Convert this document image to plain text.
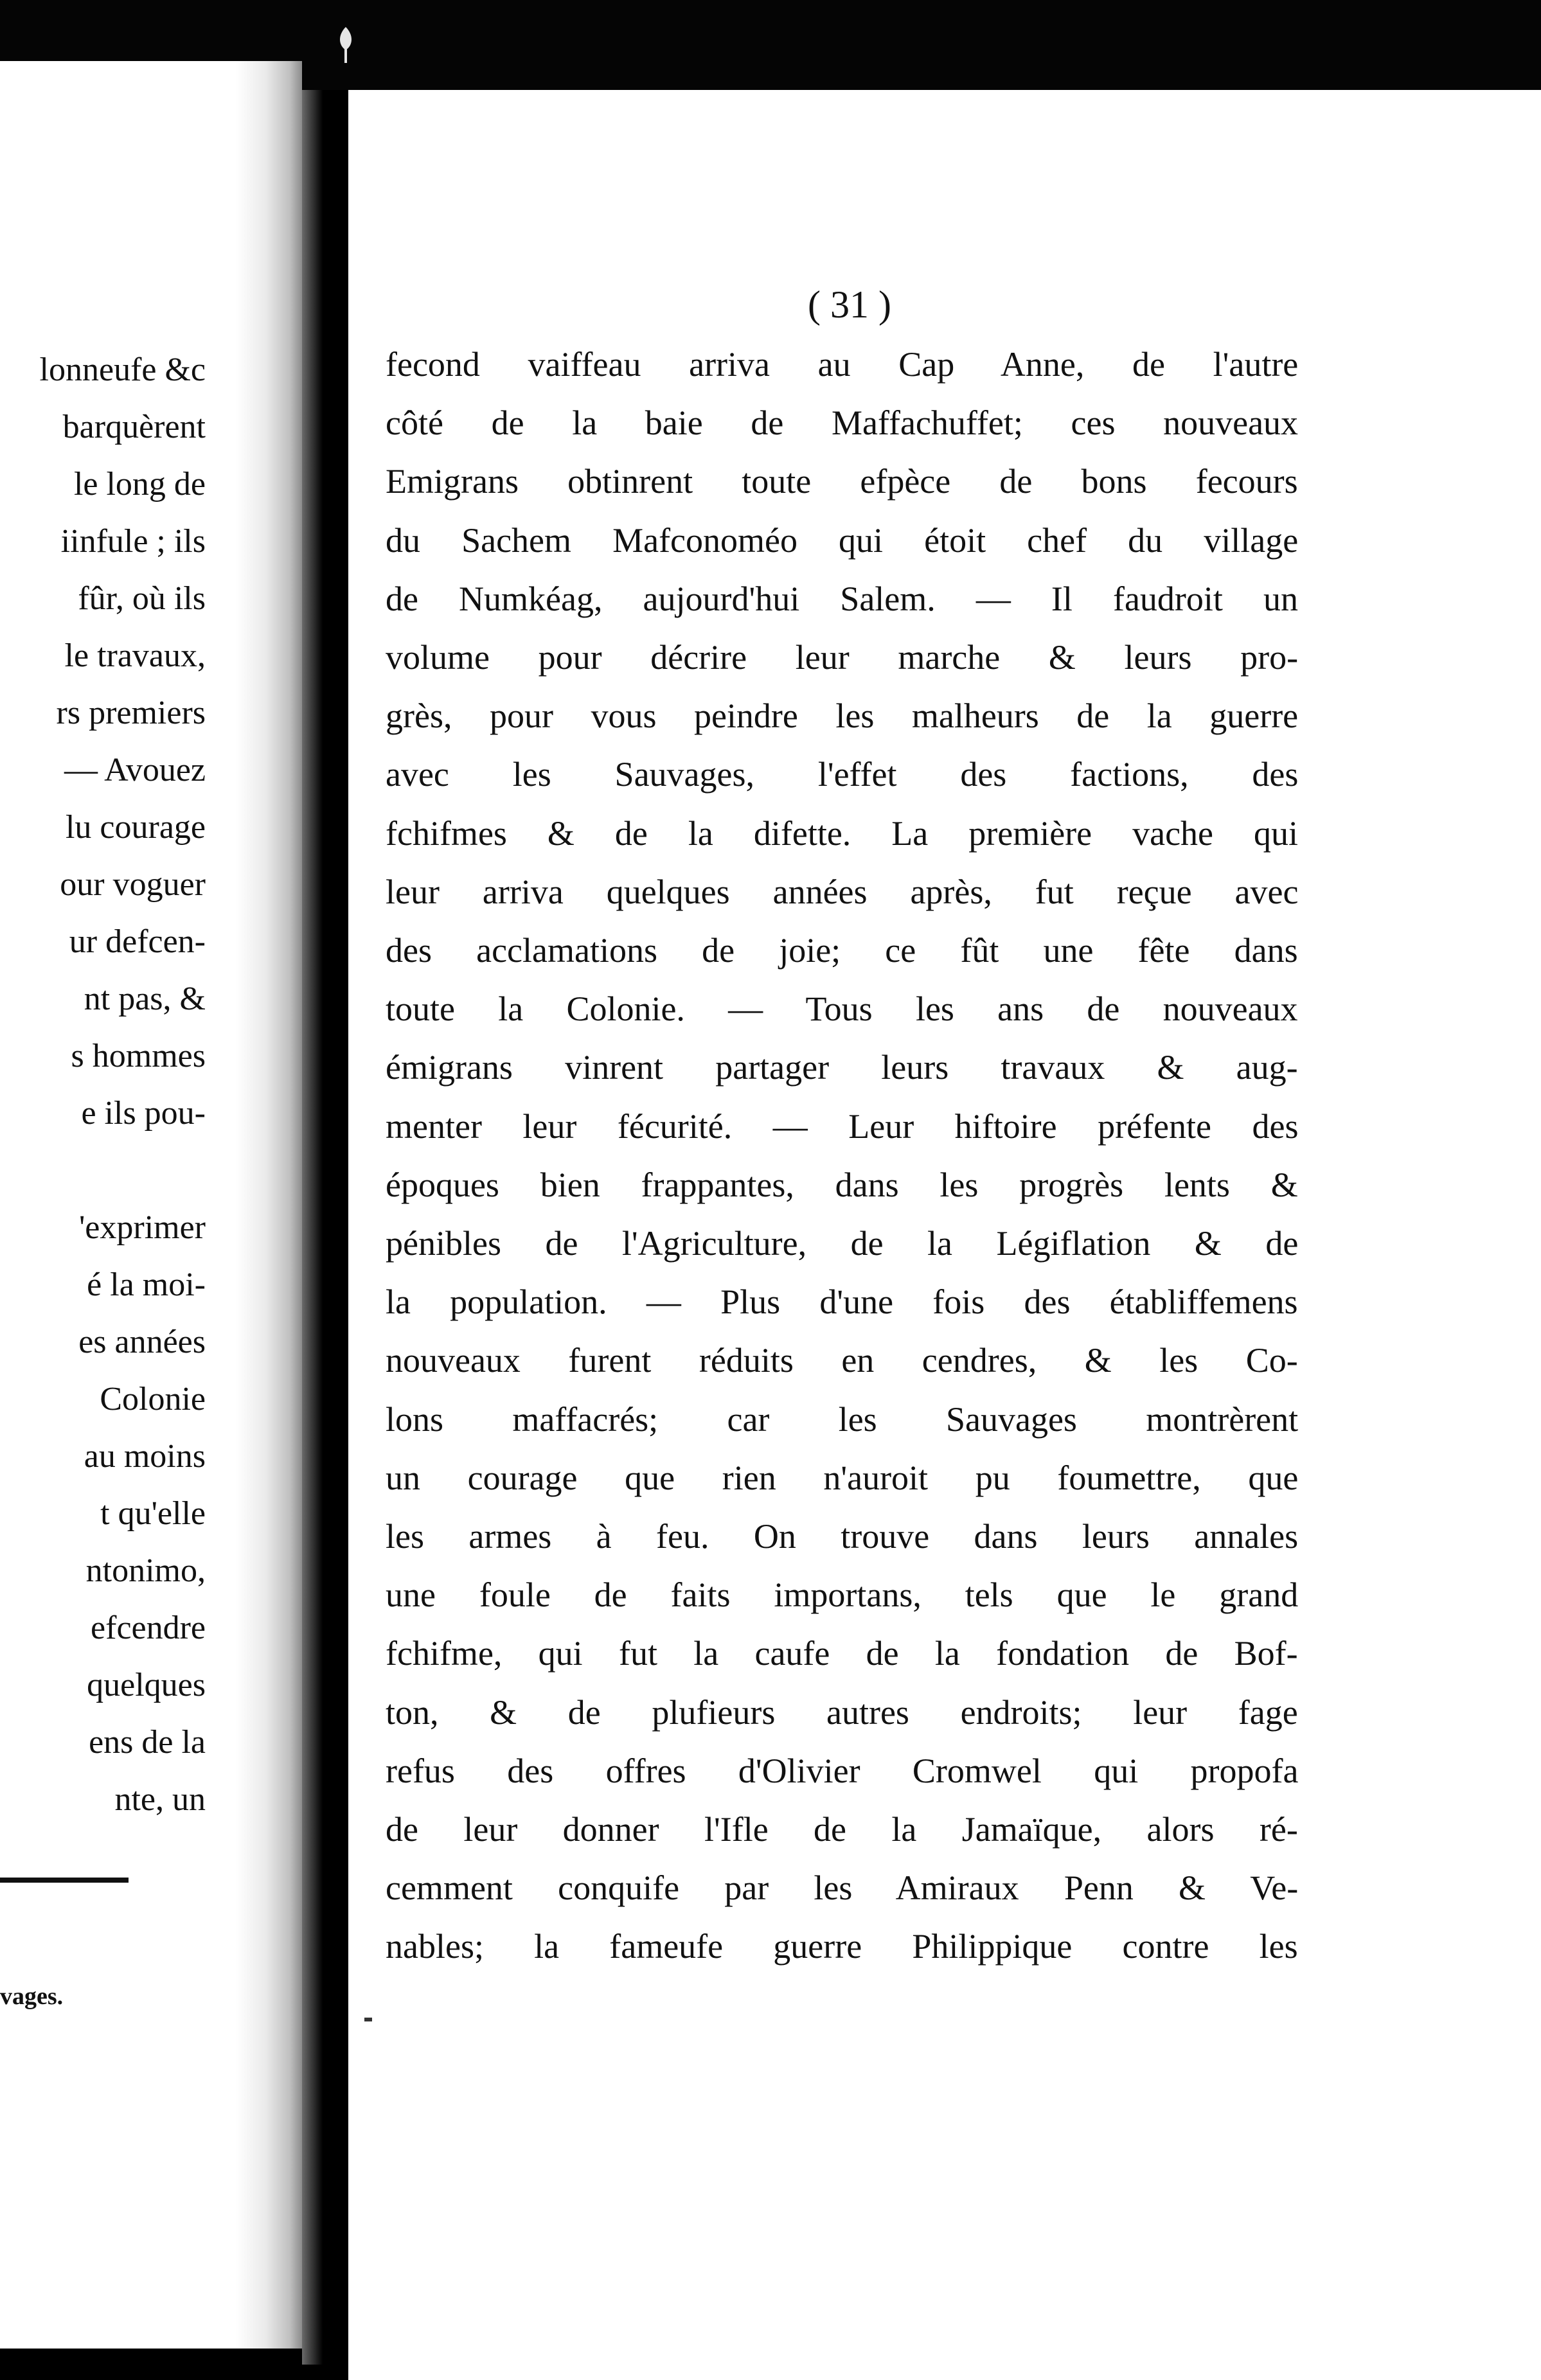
lonneufe &c

barquèrent

le long de

iinfule ; ils

fûr, où ils

le travaux,

rs premiers

— Avouez

lu courage

our voguer

ur defcen-

nt pas, &

s hommes

e ils pou-

'exprimer

é la moi-

es années

Colonie

au moins

t qu'elle

ntonimo,

efcendre

quelques

ens de la

nte, un

vages.

( 31 )

fecond vaiffeau arriva au Cap Anne, de l'autre

côté de la baie de Maffachuffet; ces nouveaux

Emigrans obtinrent toute efpèce de bons fecours

du Sachem Mafconoméo qui étoit chef du village

de Numkéag, aujourd'hui Salem. — Il faudroit un

volume pour décrire leur marche & leurs pro-

grès, pour vous peindre les malheurs de la guerre

avec les Sauvages, l'effet des factions, des

fchifmes & de la difette. La première vache qui

leur arriva quelques années après, fut reçue avec

des acclamations de joie; ce fût une fête dans

toute la Colonie. — Tous les ans de nouveaux

émigrans vinrent partager leurs travaux & aug-

menter leur fécurité. — Leur hiftoire préfente des

époques bien frappantes, dans les progrès lents &

pénibles de l'Agriculture, de la Légiflation & de

la population. — Plus d'une fois des établiffemens

nouveaux furent réduits en cendres, & les Co-

lons maffacrés; car les Sauvages montrèrent

un courage que rien n'auroit pu foumettre, que

les armes à feu. On trouve dans leurs annales

une foule de faits importans, tels que le grand

fchifme, qui fut la caufe de la fondation de Bof-

ton, & de plufieurs autres endroits; leur fage

refus des offres d'Olivier Cromwel qui propofa

de leur donner l'Ifle de la Jamaïque, alors ré-

cemment conquife par les Amiraux Penn & Ve-

nables; la fameufe guerre Philippique contre les
